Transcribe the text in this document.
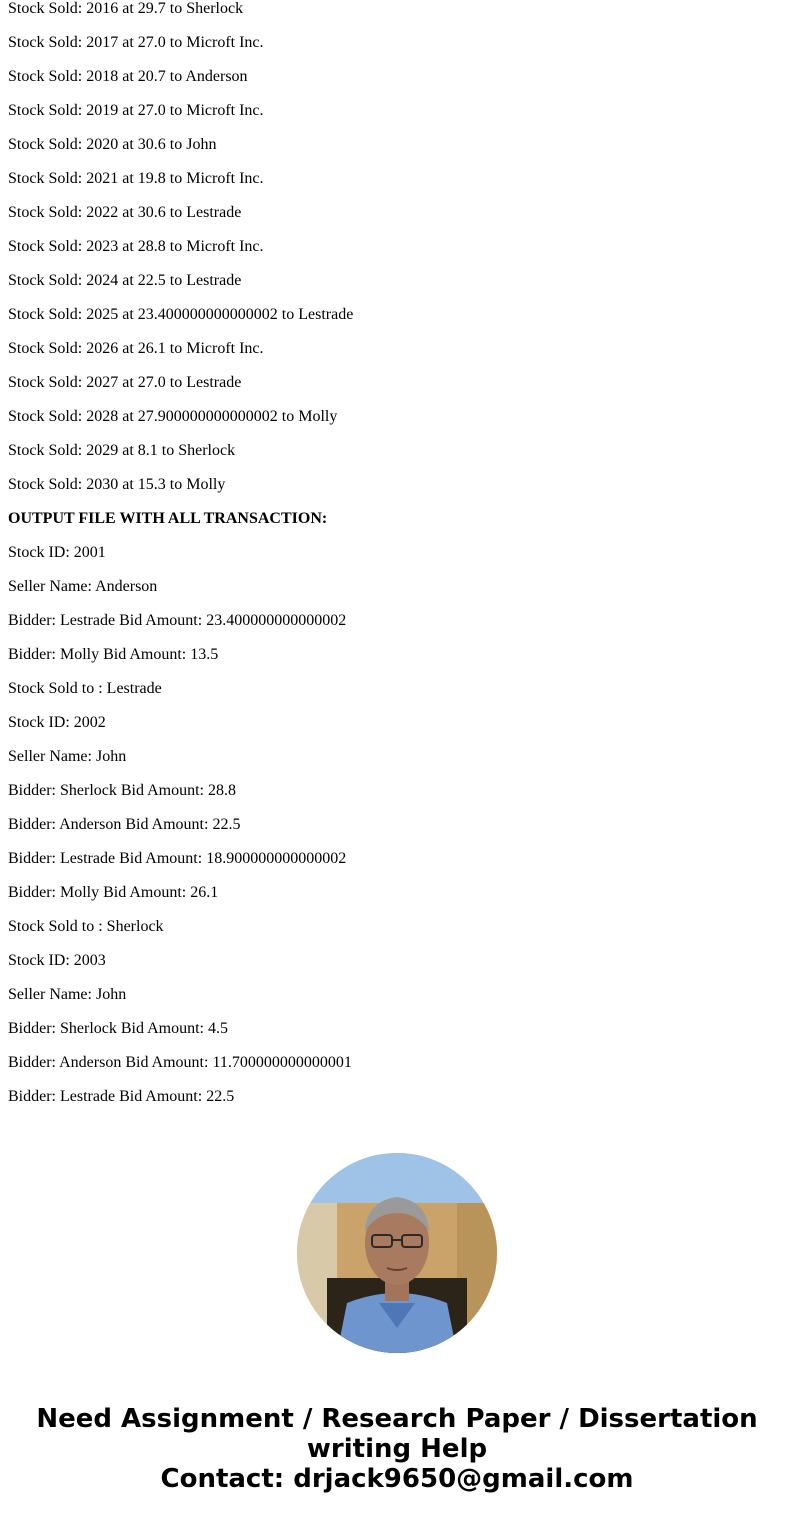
Stock Sold: 2016 at 29.7 to Sherlock
Stock Sold: 2017 at 27.0 to Microft Inc.
Stock Sold: 2018 at 20.7 to Anderson
Stock Sold: 2019 at 27.0 to Microft Inc.
Stock Sold: 2020 at 30.6 to John
Stock Sold: 2021 at 19.8 to Microft Inc.
Stock Sold: 2022 at 30.6 to Lestrade
Stock Sold: 2023 at 28.8 to Microft Inc.
Stock Sold: 2024 at 22.5 to Lestrade
Stock Sold: 2025 at 23.400000000000002 to Lestrade
Stock Sold: 2026 at 26.1 to Microft Inc.
Stock Sold: 2027 at 27.0 to Lestrade
Stock Sold: 2028 at 27.900000000000002 to Molly
Stock Sold: 2029 at 8.1 to Sherlock
Stock Sold: 2030 at 15.3 to Molly
OUTPUT FILE WITH ALL TRANSACTION:
Stock ID: 2001
Seller Name: Anderson
Bidder: Lestrade Bid Amount: 23.400000000000002
Bidder: Molly Bid Amount: 13.5
Stock Sold to : Lestrade
Stock ID: 2002
Seller Name: John
Bidder: Sherlock Bid Amount: 28.8
Bidder: Anderson Bid Amount: 22.5
Bidder: Lestrade Bid Amount: 18.900000000000002
Bidder: Molly Bid Amount: 26.1
Stock Sold to : Sherlock
Stock ID: 2003
Seller Name: John
Bidder: Sherlock Bid Amount: 4.5
Bidder: Anderson Bid Amount: 11.700000000000001
Bidder: Lestrade Bid Amount: 22.5
Need Assignment / Research Paper / Dissertation
writing Help
Contact: drjack9650@gmail.com
